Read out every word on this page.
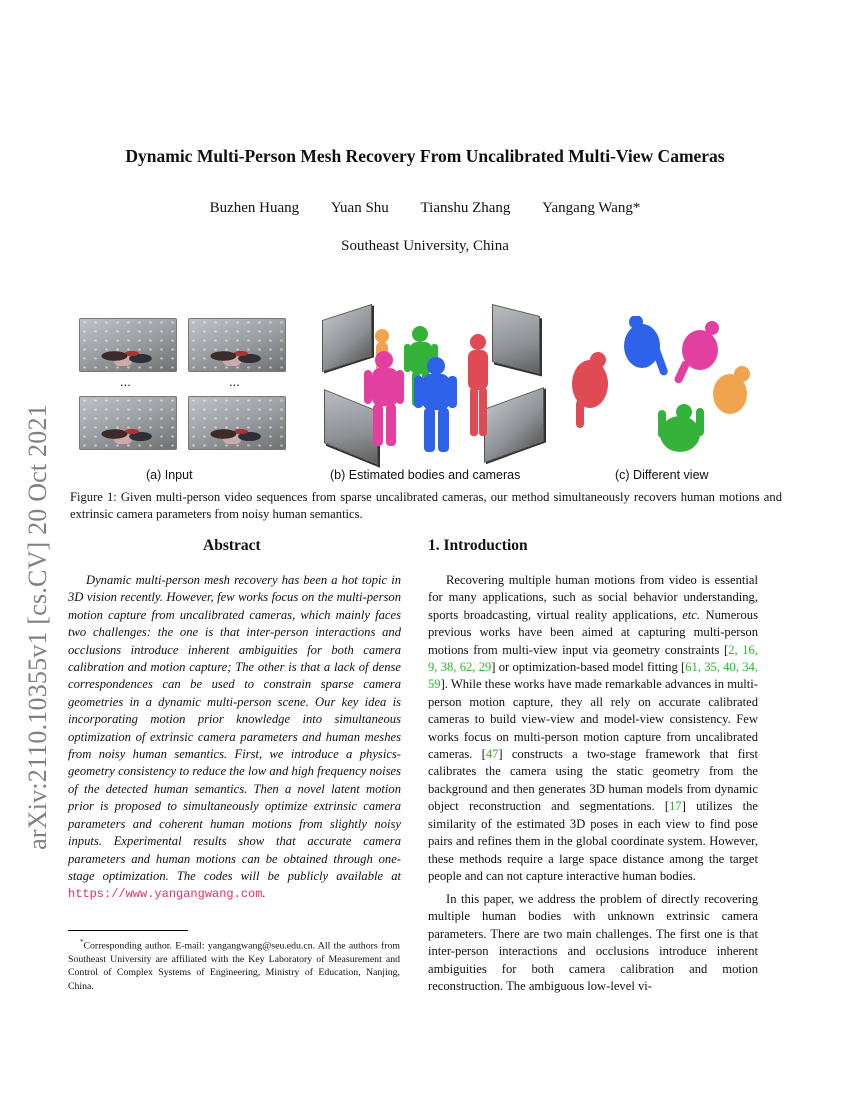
arXiv:2110.10355v1 [cs.CV] 20 Oct 2021
Dynamic Multi-Person Mesh Recovery From Uncalibrated Multi-View Cameras
Buzhen Huang Yuan Shu Tianshu Zhang Yangang Wang*
Southeast University, China
...	...
(a) Input	(b) Estimated bodies and cameras	(c) Different view
Figure 1: Given multi-person video sequences from sparse uncalibrated cameras, our method simultaneously recovers human motions and extrinsic camera parameters from noisy human semantics.
Abstract
Dynamic multi-person mesh recovery has been a hot topic in 3D vision recently. However, few works focus on the multi-person motion capture from uncalibrated cameras, which mainly faces two challenges: the one is that inter-person interactions and occlusions introduce inherent ambiguities for both camera calibration and motion capture; The other is that a lack of dense correspondences can be used to constrain sparse camera geometries in a dynamic multi-person scene. Our key idea is incorporating motion prior knowledge into simultaneous optimization of extrinsic camera parameters and human meshes from noisy human semantics. First, we introduce a physics-geometry consistency to reduce the low and high frequency noises of the detected human semantics. Then a novel latent motion prior is proposed to simultaneously optimize extrinsic camera parameters and coherent human motions from slightly noisy inputs. Experimental results show that accurate camera parameters and human motions can be obtained through one-stage optimization. The codes will be publicly available at https://www.yangangwang.com.
*Corresponding author. E-mail: yangangwang@seu.edu.cn. All the authors from Southeast University are affiliated with the Key Laboratory of Measurement and Control of Complex Systems of Engineering, Ministry of Education, Nanjing, China.
1. Introduction
Recovering multiple human motions from video is essential for many applications, such as social behavior understanding, sports broadcasting, virtual reality applications, etc. Numerous previous works have been aimed at capturing multi-person motions from multi-view input via geometry constraints [2, 16, 9, 38, 62, 29] or optimization-based model fitting [61, 35, 40, 34, 59]. While these works have made remarkable advances in multi-person motion capture, they all rely on accurate calibrated cameras to build view-view and model-view consistency. Few works focus on multi-person motion capture from uncalibrated cameras. [47] constructs a two-stage framework that first calibrates the camera using the static geometry from the background and then generates 3D human models from dynamic object reconstruction and segmentations. [17] utilizes the similarity of the estimated 3D poses in each view to find pose pairs and refines them in the global coordinate system. However, these methods require a large space distance among the target people and can not capture interactive human bodies.
In this paper, we address the problem of directly recovering multiple human bodies with unknown extrinsic camera parameters. There are two main challenges. The first one is that inter-person interactions and occlusions introduce inherent ambiguities for both camera calibration and motion reconstruction. The ambiguous low-level vi-
